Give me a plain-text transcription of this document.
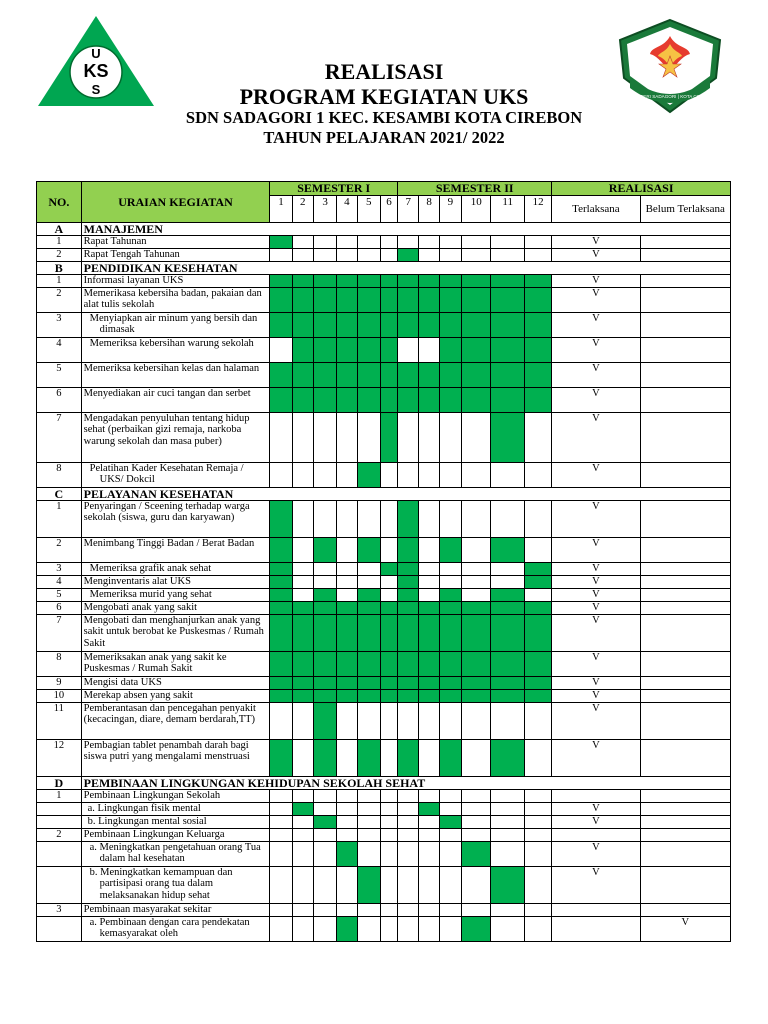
U
KS
S	SD NEGERI SADAGORI | KOTA CIREBON
REALISASI
PROGRAM KEGIATAN UKS
SDN SADAGORI 1 KEC. KESAMBI KOTA CIREBON
TAHUN PELAJARAN 2021/ 2022
NO.	URAIAN KEGIATAN	SEMESTER I						SEMESTER II						REALISASI	
		1	2	3	4	5	6	7	8	9	10	11	12	Terlaksana	Belum Terlaksana
A	MANAJEMEN														
1	Rapat Tahunan													V	
2	Rapat Tengah Tahunan													V	
B	PENDIDIKAN KESEHATAN														
1	Informasi layanan UKS													V	
2	Memerikasa kebersiha badan, pakaian dan alat tulis sekolah													V	
3	Menyiapkan air minum yang bersih dan dimasak													V	
4	Memeriksa kebersihan warung sekolah													V	
5	Memeriksa kebersihan kelas dan halaman													V	
6	Menyediakan air cuci tangan dan serbet													V	
7	Mengadakan penyuluhan tentang hidup sehat (perbaikan gizi remaja, narkoba warung sekolah dan masa puber)													V	
8	Pelatihan Kader Kesehatan Remaja / UKS/ Dokcil													V	
C	PELAYANAN KESEHATAN														
1	Penyaringan / Sceening terhadap warga sekolah (siswa, guru dan karyawan)													V	
2	Menimbang Tinggi Badan / Berat Badan													V	
3	Memeriksa grafik anak sehat													V	
4	Menginventaris alat UKS													V	
5	Memeriksa murid yang sehat													V	
6	Mengobati anak yang sakit													V	
7	Mengobati dan menghanjurkan anak yang sakit untuk berobat ke Puskesmas / Rumah Sakit													V	
8	Memeriksakan anak yang sakit ke Puskesmas / Rumah Sakit													V	
9	Mengisi data UKS													V	
10	Merekap absen yang sakit													V	
11	Pemberantasan dan pencegahan penyakit (kecacingan, diare, demam berdarah,TT)													V	
12	Pembagian tablet penambah darah bagi siswa putri yang mengalami menstruasi													V	
D	PEMBINAAN LINGKUNGAN KEHIDUPAN SEKOLAH SEHAT														
1	Pembinaan Lingkungan Sekolah														
	a. Lingkungan fisik mental													V	
	b. Lingkungan mental sosial													V	
2	Pembinaan Lingkungan Keluarga														
	a. Meningkatkan pengetahuan orang Tua dalam hal kesehatan													V	
	b. Meningkatkan kemampuan dan partisipasi orang tua dalam melaksanakan hidup sehat													V	
3	Pembinaan masyarakat sekitar														
	a. Pembinaan dengan cara pendekatan kemasyarakat oleh														V
